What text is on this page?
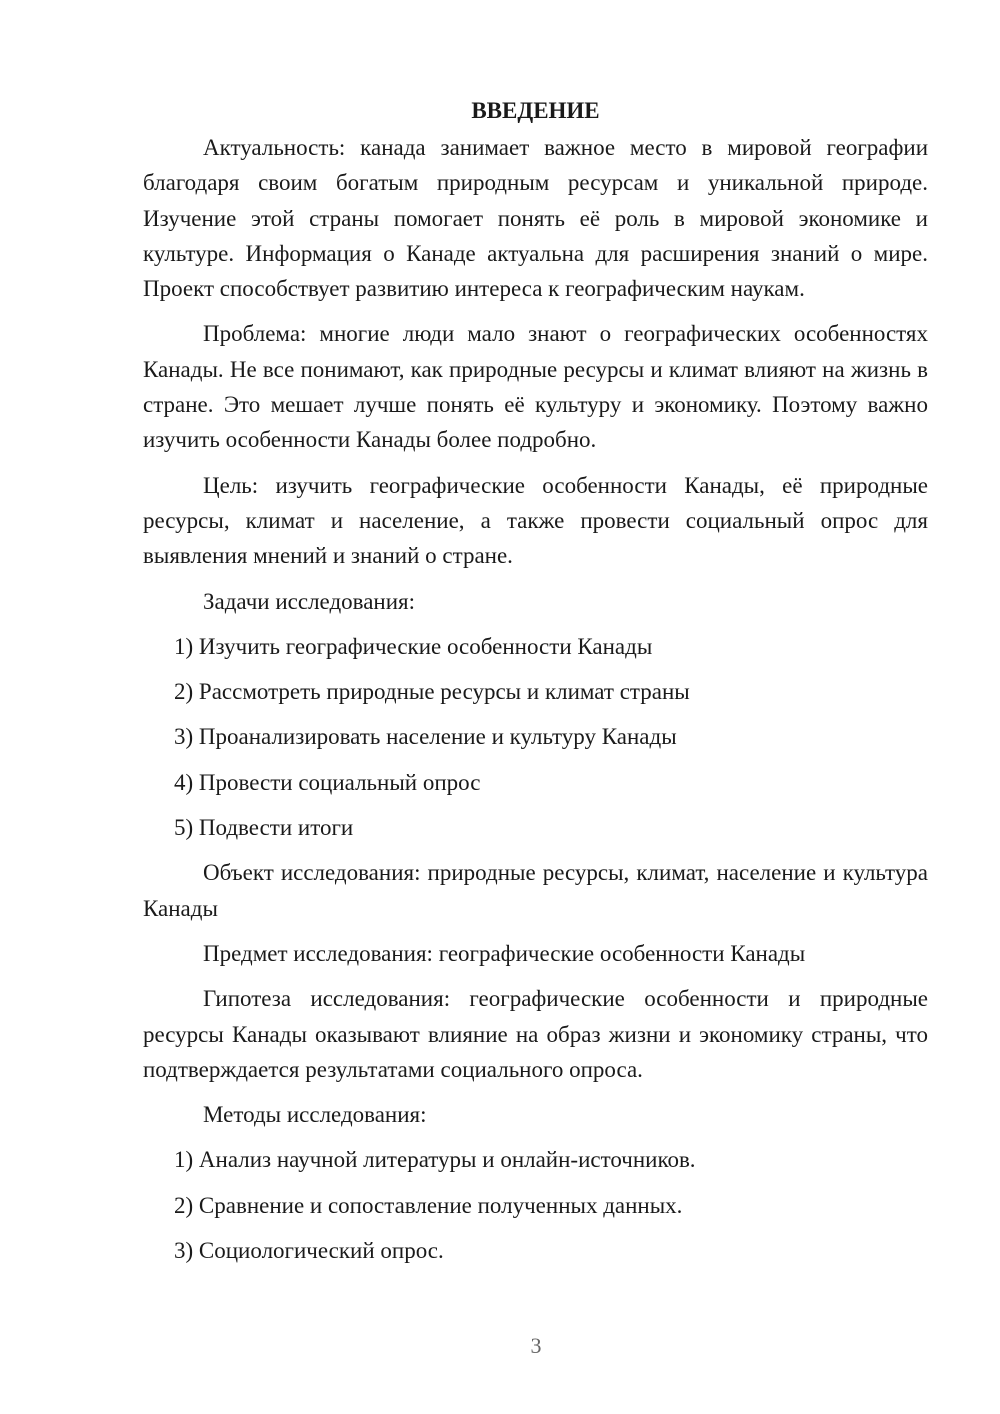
ВВЕДЕНИЕ

Актуальность: канада занимает важное место в мировой географии благодаря своим богатым природным ресурсам и уникальной природе. Изучение этой страны помогает понять её роль в мировой экономике и культуре. Информация о Канаде актуальна для расширения знаний о мире. Проект способствует развитию интереса к географическим наукам.

Проблема: многие люди мало знают о географических особенностях Канады. Не все понимают, как природные ресурсы и климат влияют на жизнь в стране. Это мешает лучше понять её культуру и экономику. Поэтому важно изучить особенности Канады более подробно.

Цель: изучить географические особенности Канады, её природные ресурсы, климат и население, а также провести социальный опрос для выявления мнений и знаний о стране.

Задачи исследования:

1) Изучить географические особенности Канады

2) Рассмотреть природные ресурсы и климат страны

3) Проанализировать население и культуру Канады

4) Провести социальный опрос

5) Подвести итоги

Объект исследования: природные ресурсы, климат, население и культура Канады

Предмет исследования: географические особенности Канады

Гипотеза исследования: географические особенности и природные ресурсы Канады оказывают влияние на образ жизни и экономику страны, что подтверждается результатами социального опроса.

Методы исследования:

1) Анализ научной литературы и онлайн-источников.

2) Сравнение и сопоставление полученных данных.

3) Социологический опрос.

3
